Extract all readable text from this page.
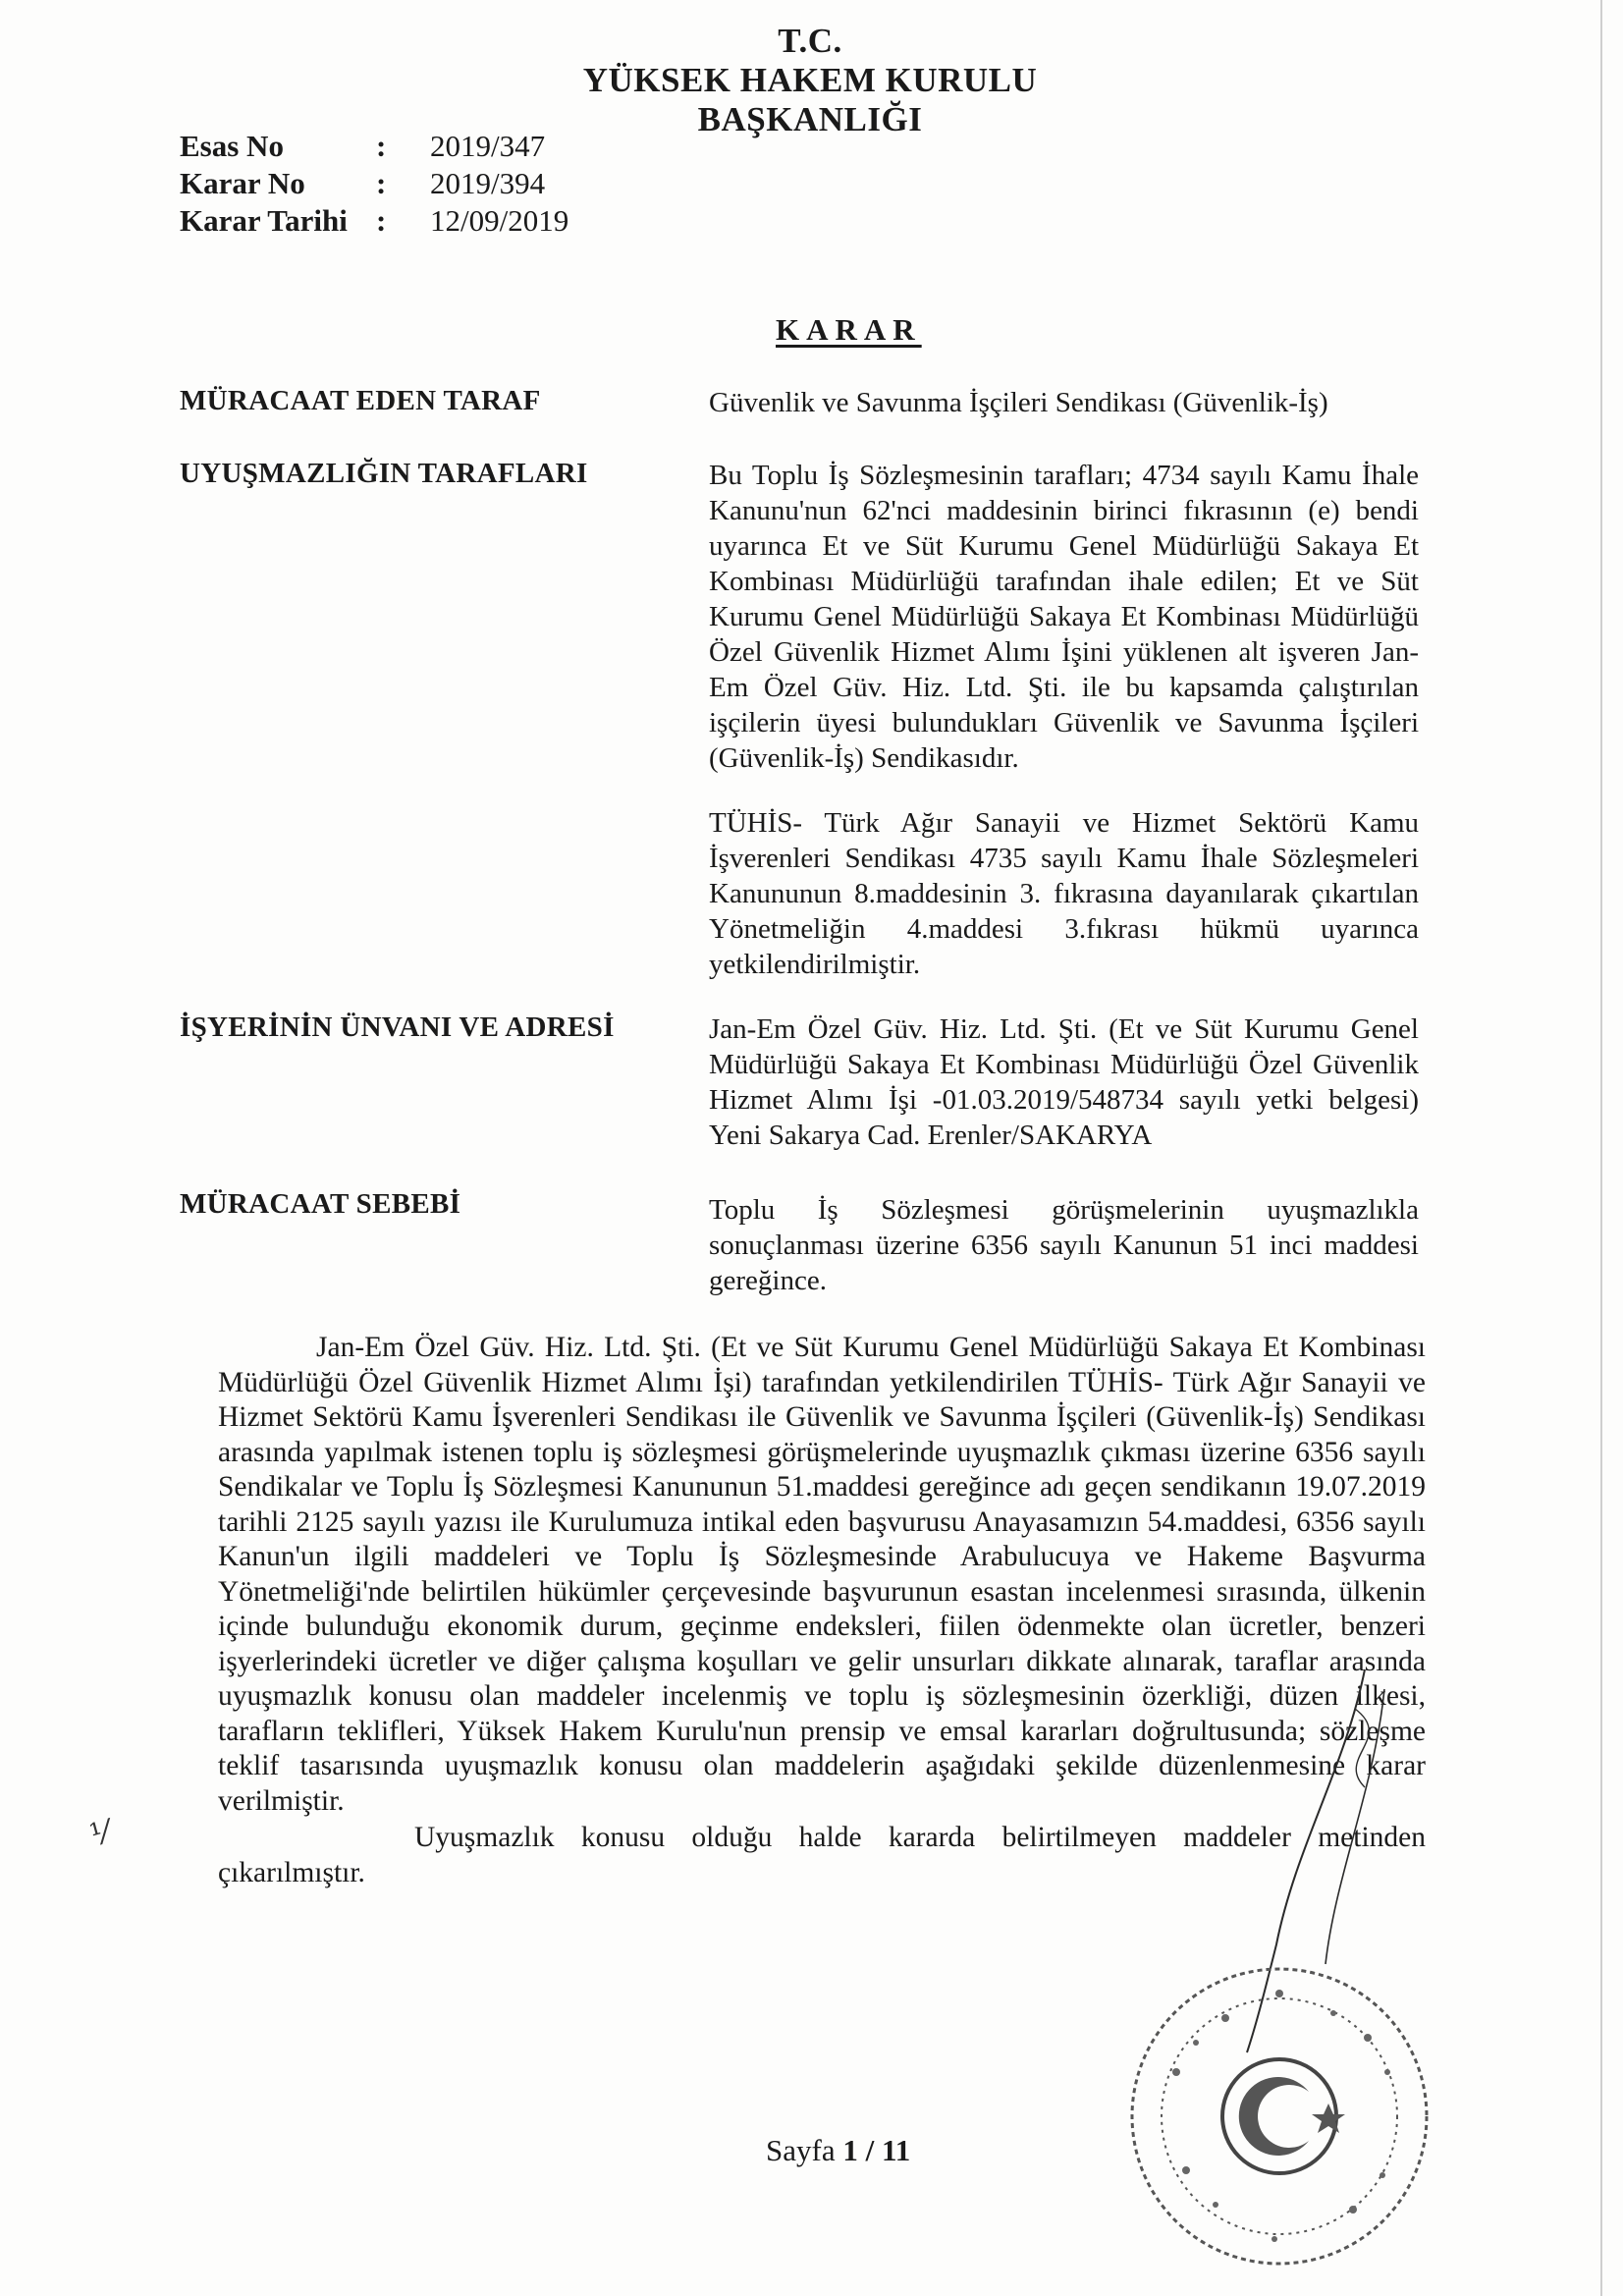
T.C.
YÜKSEK HAKEM KURULU
BAŞKANLIĞI
Esas No	:	2019/347
Karar No	:	2019/394
Karar Tarihi :	12/09/2019
KARAR
MÜRACAAT EDEN TARAF	Güvenlik ve Savunma İşçileri Sendikası (Güvenlik-İş)
UYUŞMAZLIĞIN TARAFLARI	Bu Toplu İş Sözleşmesinin tarafları; 4734 sayılı Kamu İhale Kanunu'nun 62'nci maddesinin birinci fıkrasının (e) bendi uyarınca Et ve Süt Kurumu Genel Müdürlüğü Sakaya Et Kombinası Müdürlüğü tarafından ihale edilen; Et ve Süt Kurumu Genel Müdürlüğü Sakaya Et Kombinası Müdürlüğü Özel Güvenlik Hizmet Alımı İşini yüklenen alt işveren Jan-Em Özel Güv. Hiz. Ltd. Şti. ile bu kapsamda çalıştırılan işçilerin üyesi bulundukları Güvenlik ve Savunma İşçileri (Güvenlik-İş) Sendikasıdır.
TÜHİS- Türk Ağır Sanayii ve Hizmet Sektörü Kamu İşverenleri Sendikası 4735 sayılı Kamu İhale Sözleşmeleri Kanununun 8.maddesinin 3. fıkrasına dayanılarak çıkartılan Yönetmeliğin 4.maddesi 3.fıkrası hükmü uyarınca yetkilendirilmiştir.
İŞYERİNİN ÜNVANI VE ADRESİ	Jan-Em Özel Güv. Hiz. Ltd. Şti. (Et ve Süt Kurumu Genel Müdürlüğü Sakaya Et Kombinası Müdürlüğü Özel Güvenlik Hizmet Alımı İşi -01.03.2019/548734 sayılı yetki belgesi) Yeni Sakarya Cad. Erenler/SAKARYA
MÜRACAAT SEBEBİ	Toplu İş Sözleşmesi görüşmelerinin uyuşmazlıkla sonuçlanması üzerine 6356 sayılı Kanunun 51 inci maddesi gereğince.
Jan-Em Özel Güv. Hiz. Ltd. Şti. (Et ve Süt Kurumu Genel Müdürlüğü Sakaya Et Kombinası Müdürlüğü Özel Güvenlik Hizmet Alımı İşi) tarafından yetkilendirilen TÜHİS- Türk Ağır Sanayii ve Hizmet Sektörü Kamu İşverenleri Sendikası ile Güvenlik ve Savunma İşçileri (Güvenlik-İş) Sendikası arasında yapılmak istenen toplu iş sözleşmesi görüşmelerinde uyuşmazlık çıkması üzerine 6356 sayılı Sendikalar ve Toplu İş Sözleşmesi Kanununun 51.maddesi gereğince adı geçen sendikanın 19.07.2019 tarihli 2125 sayılı yazısı ile Kurulumuza intikal eden başvurusu Anayasamızın 54.maddesi, 6356 sayılı Kanun'un ilgili maddeleri ve Toplu İş Sözleşmesinde Arabulucuya ve Hakeme Başvurma Yönetmeliği'nde belirtilen hükümler çerçevesinde başvurunun esastan incelenmesi sırasında, ülkenin içinde bulunduğu ekonomik durum, geçinme endeksleri, fiilen ödenmekte olan ücretler, benzeri işyerlerindeki ücretler ve diğer çalışma koşulları ve gelir unsurları dikkate alınarak, taraflar arasında uyuşmazlık konusu olan maddeler incelenmiş ve toplu iş sözleşmesinin özerkliği, düzen ilkesi, tarafların teklifleri, Yüksek Hakem Kurulu'nun prensip ve emsal kararları doğrultusunda; sözleşme teklif tasarısında uyuşmazlık konusu olan maddelerin aşağıdaki şekilde düzenlenmesine karar verilmiştir.
Uyuşmazlık konusu olduğu halde kararda belirtilmeyen maddeler metinden çıkarılmıştır.
⅟
Sayfa 1 / 11
